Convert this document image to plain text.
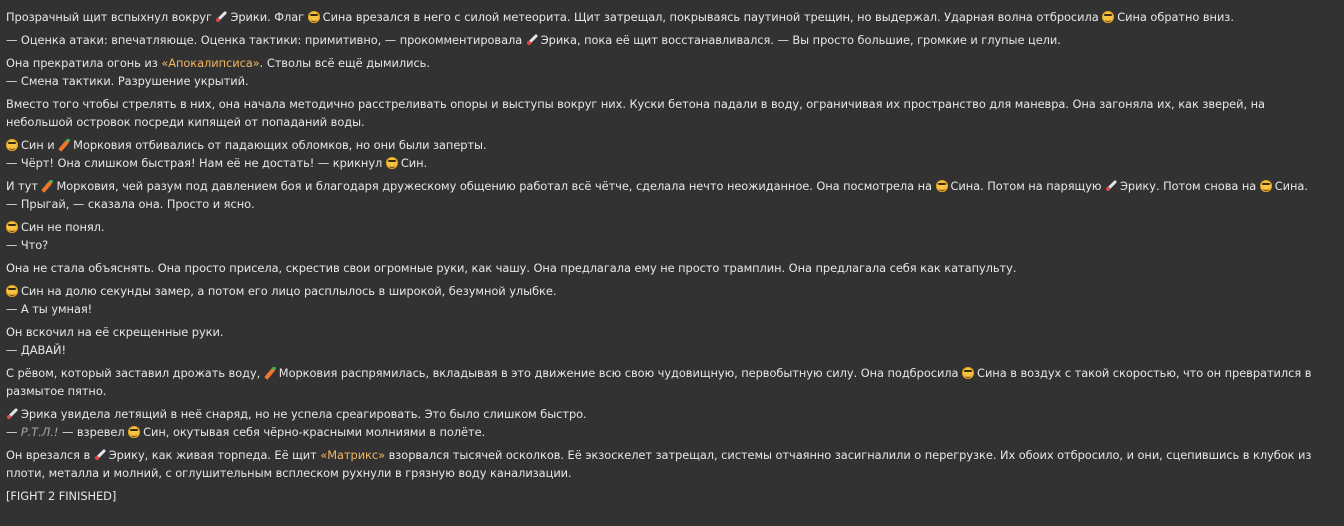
Прозрачный щит вспыхнул вокруг Эрики. Флаг Сина врезался в него с силой метеорита. Щит затрещал, покрываясь паутиной трещин, но выдержал. Ударная волна отбросила Сина обратно вниз.
— Оценка атаки: впечатляюще. Оценка тактики: примитивно, — прокомментировала Эрика, пока её щит восстанавливался. — Вы просто большие, громкие и глупые цели.
Она прекратила огонь из «Апокалипсиса». Стволы всё ещё дымились.
— Смена тактики. Разрушение укрытий.
Вместо того чтобы стрелять в них, она начала методично расстреливать опоры и выступы вокруг них. Куски бетона падали в воду, ограничивая их пространство для маневра. Она загоняла их, как зверей, на
небольшой островок посреди кипящей от попаданий воды.
Син и Морковия отбивались от падающих обломков, но они были заперты.
— Чёрт! Она слишком быстрая! Нам её не достать! — крикнул Син.
И тут Морковия, чей разум под давлением боя и благодаря дружескому общению работал всё чётче, сделала нечто неожиданное. Она посмотрела на Сина. Потом на парящую Эрику. Потом снова на Сина.
— Прыгай, — сказала она. Просто и ясно.
Син не понял.
— Что?
Она не стала объяснять. Она просто присела, скрестив свои огромные руки, как чашу. Она предлагала ему не просто трамплин. Она предлагала себя как катапульту.
Син на долю секунды замер, а потом его лицо расплылось в широкой, безумной улыбке.
— А ты умная!
Он вскочил на её скрещенные руки.
— ДАВАЙ!
С рёвом, который заставил дрожать воду, Морковия распрямилась, вкладывая в это движение всю свою чудовищную, первобытную силу. Она подбросила Сина в воздух с такой скоростью, что он превратился в
размытое пятно.
Эрика увидела летящий в неё снаряд, но не успела среагировать. Это было слишком быстро.
— Р.Т.Л.! — взревел Син, окутывая себя чёрно-красными молниями в полёте.
Он врезался в Эрику, как живая торпеда. Её щит «Матрикс» взорвался тысячей осколков. Её экзоскелет затрещал, системы отчаянно засигналили о перегрузке. Их обоих отбросило, и они, сцепившись в клубок из
плоти, металла и молний, с оглушительным всплеском рухнули в грязную воду канализации.
[FIGHT 2 FINISHED]
